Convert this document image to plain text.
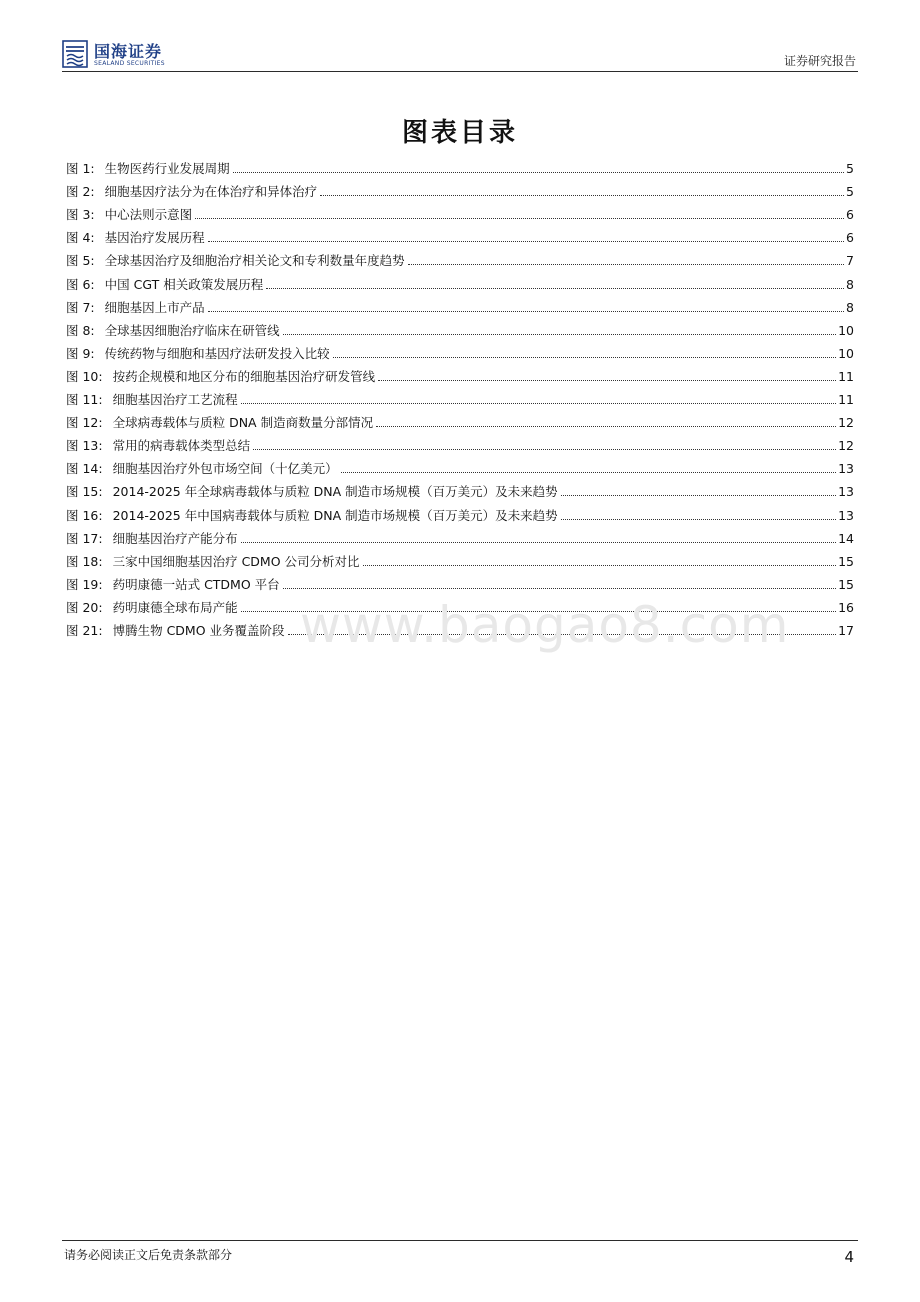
国海证券
SEALAND SECURITIES	证券研究报告
图表目录
图 1: 生物医药行业发展周期	5
图 2: 细胞基因疗法分为在体治疗和异体治疗	5
图 3: 中心法则示意图	6
图 4: 基因治疗发展历程	6
图 5: 全球基因治疗及细胞治疗相关论文和专利数量年度趋势	7
图 6: 中国 CGT 相关政策发展历程	8
图 7: 细胞基因上市产品	8
图 8: 全球基因细胞治疗临床在研管线	10
图 9: 传统药物与细胞和基因疗法研发投入比较	10
图 10: 按药企规模和地区分布的细胞基因治疗研发管线	11
图 11: 细胞基因治疗工艺流程	11
图 12: 全球病毒载体与质粒 DNA 制造商数量分部情况	12
图 13: 常用的病毒载体类型总结	12
图 14: 细胞基因治疗外包市场空间（十亿美元）	13
图 15: 2014-2025 年全球病毒载体与质粒 DNA 制造市场规模（百万美元）及未来趋势	13
图 16: 2014-2025 年中国病毒载体与质粒 DNA 制造市场规模（百万美元）及未来趋势	13
图 17: 细胞基因治疗产能分布	14
图 18: 三家中国细胞基因治疗 CDMO 公司分析对比	15
图 19: 药明康德一站式 CTDMO 平台	15
图 20: 药明康德全球布局产能	16
图 21: 博腾生物 CDMO 业务覆盖阶段	17
www.baogao8.com
请务必阅读正文后免责条款部分	4
